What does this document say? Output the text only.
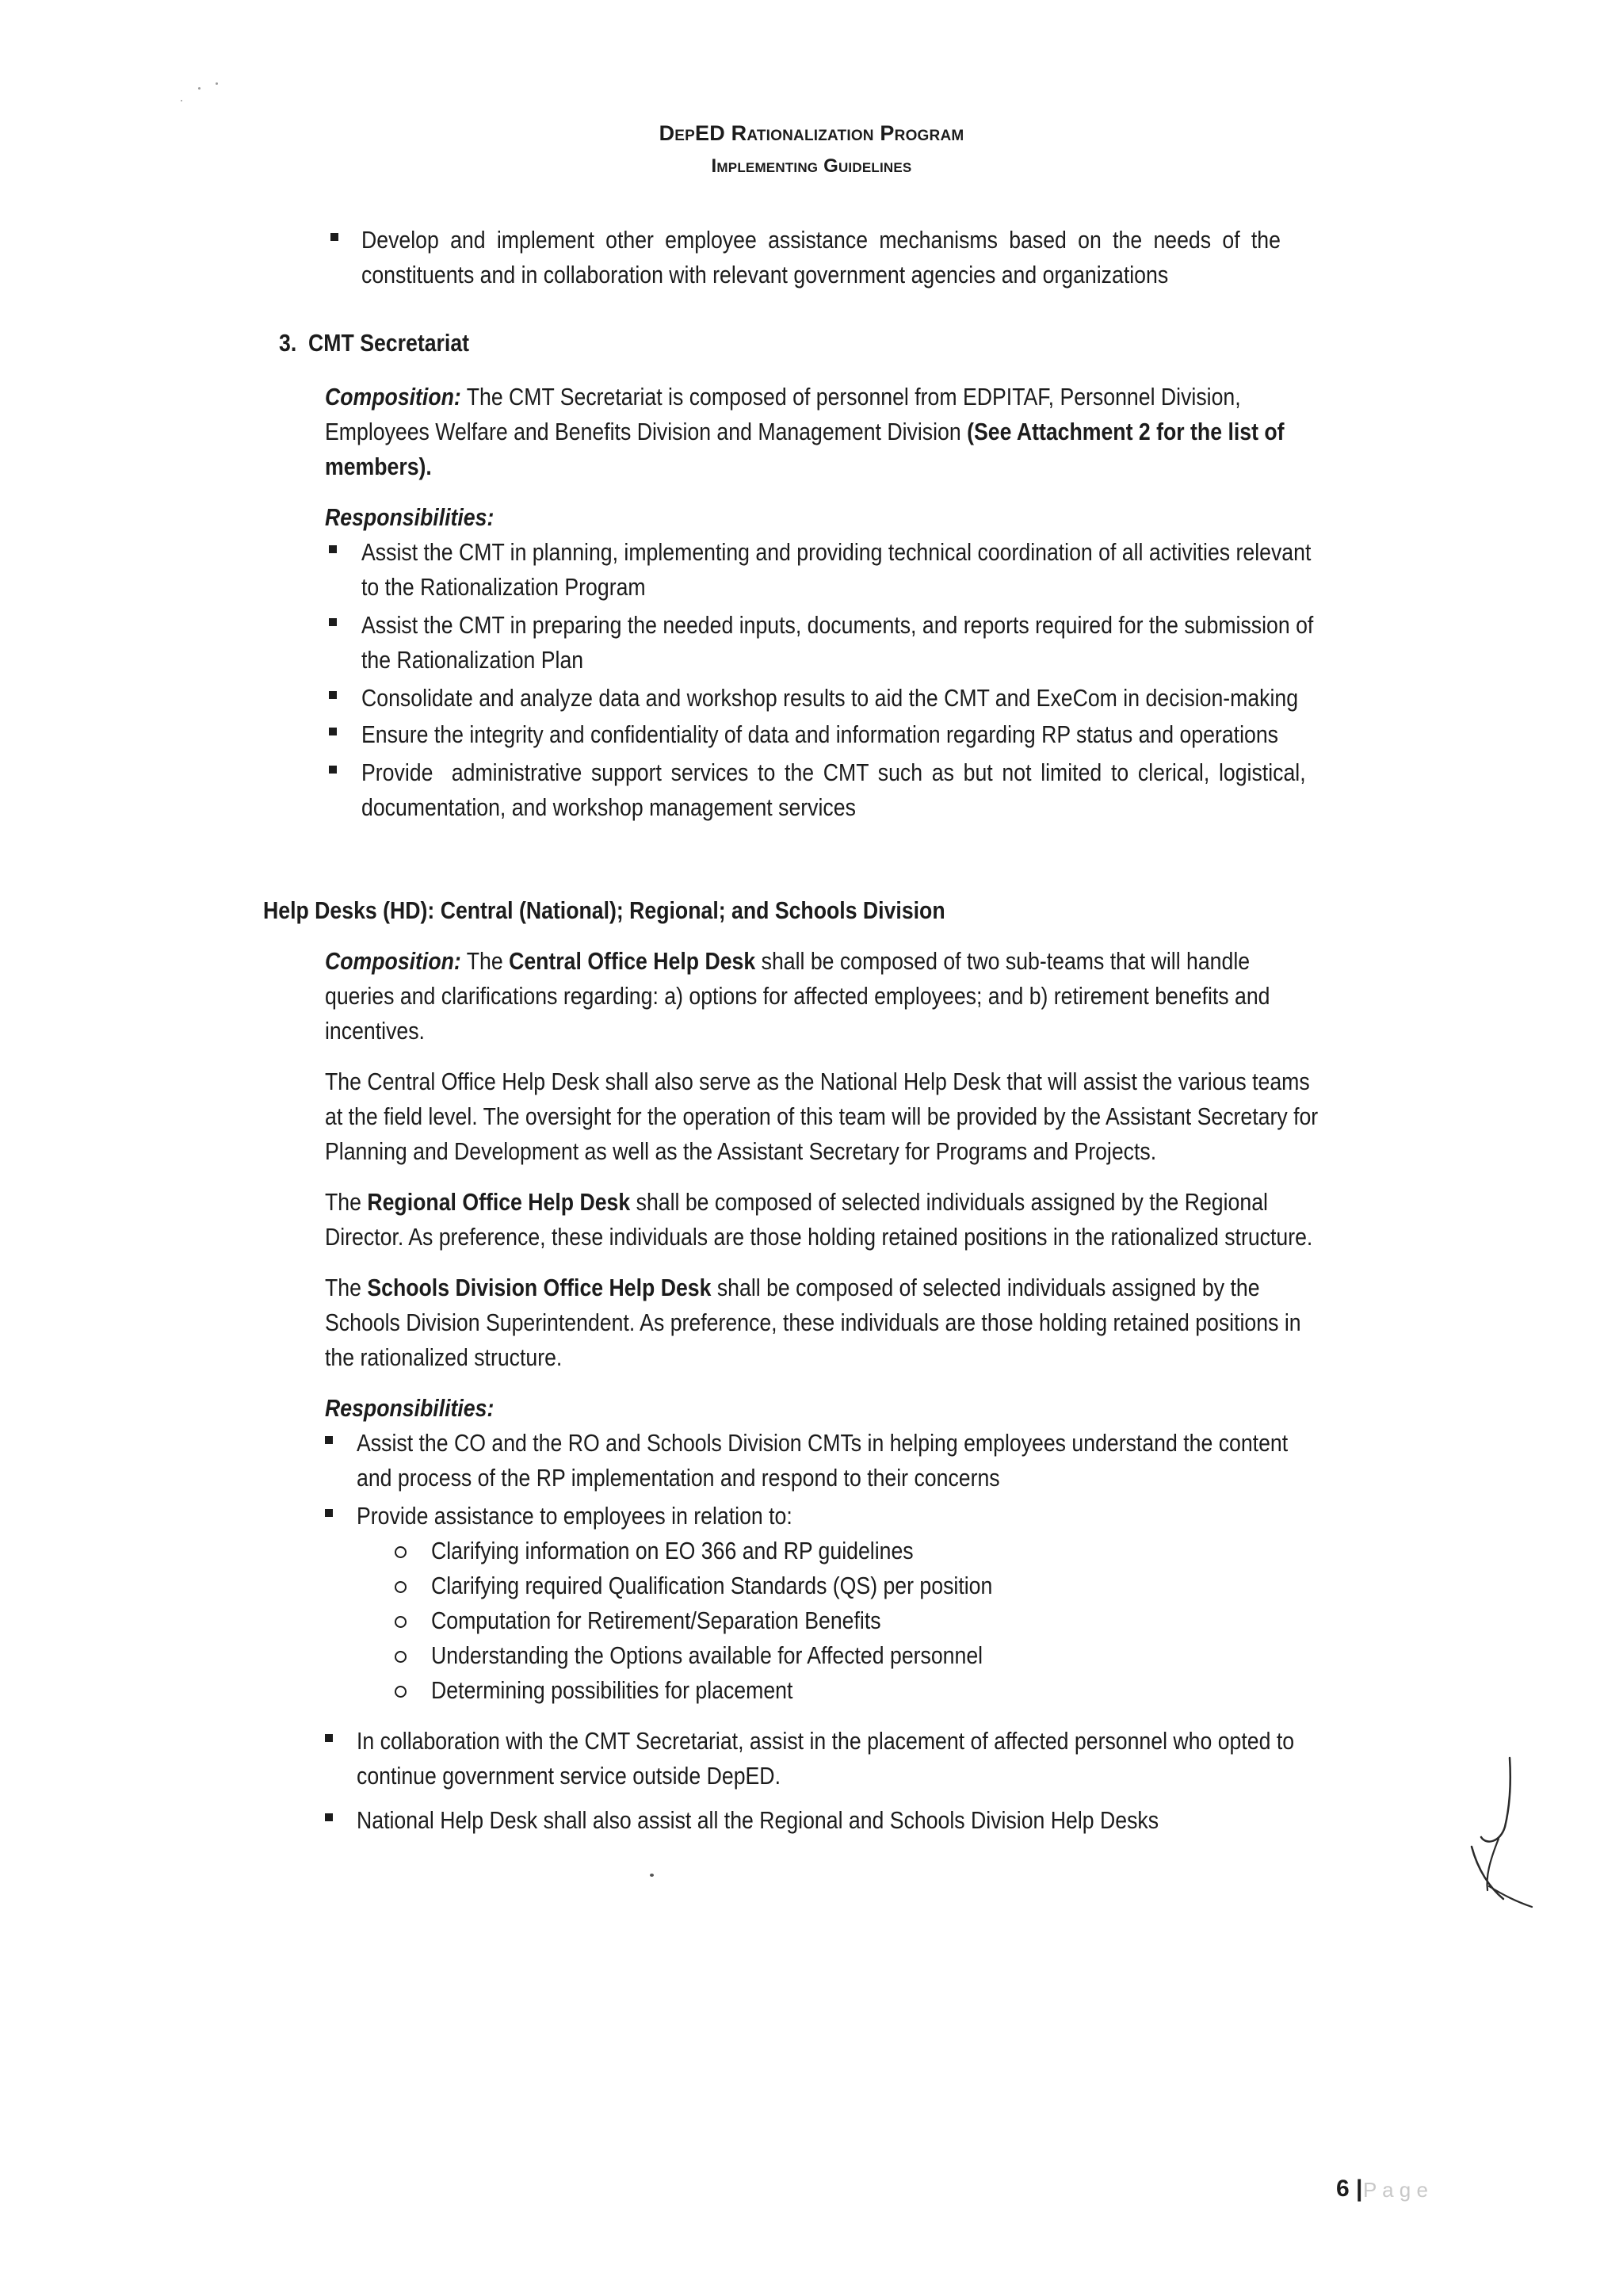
DepED Rationalization Program
Implementing Guidelines
Develop and implement other employee assistance mechanisms based on the needs of the
constituents and in collaboration with relevant government agencies and organizations
3.  CMT Secretariat
Composition: The CMT Secretariat is composed of personnel from EDPITAF, Personnel Division,
Employees Welfare and Benefits Division and Management Division (See Attachment 2 for the list of
members).
Responsibilities:
Assist the CMT in planning, implementing and providing technical coordination of all activities relevant
to the Rationalization Program
Assist the CMT in preparing the needed inputs, documents, and reports required for the submission of
the Rationalization Plan
Consolidate and analyze data and workshop results to aid the CMT and ExeCom in decision-making
Ensure the integrity and confidentiality of data and information regarding RP status and operations
Provide  administrative support services to the CMT such as but not limited to clerical, logistical,
documentation, and workshop management services
Help Desks (HD): Central (National); Regional; and Schools Division
Composition: The Central Office Help Desk shall be composed of two sub-teams that will handle
queries and clarifications regarding: a) options for affected employees; and b) retirement benefits and
incentives.
The Central Office Help Desk shall also serve as the National Help Desk that will assist the various teams
at the field level. The oversight for the operation of this team will be provided by the Assistant Secretary for
Planning and Development as well as the Assistant Secretary for Programs and Projects.
The Regional Office Help Desk shall be composed of selected individuals assigned by the Regional
Director. As preference, these individuals are those holding retained positions in the rationalized structure.
The Schools Division Office Help Desk shall be composed of selected individuals assigned by the
Schools Division Superintendent. As preference, these individuals are those holding retained positions in
the rationalized structure.
Responsibilities:
Assist the CO and the RO and Schools Division CMTs in helping employees understand the content
and process of the RP implementation and respond to their concerns
Provide assistance to employees in relation to:
Clarifying information on EO 366 and RP guidelines
Clarifying required Qualification Standards (QS) per position
Computation for Retirement/Separation Benefits
Understanding the Options available for Affected personnel
Determining possibilities for placement
In collaboration with the CMT Secretariat, assist in the placement of affected personnel who opted to
continue government service outside DepED.
National Help Desk shall also assist all the Regional and Schools Division Help Desks
6 | P a g e
